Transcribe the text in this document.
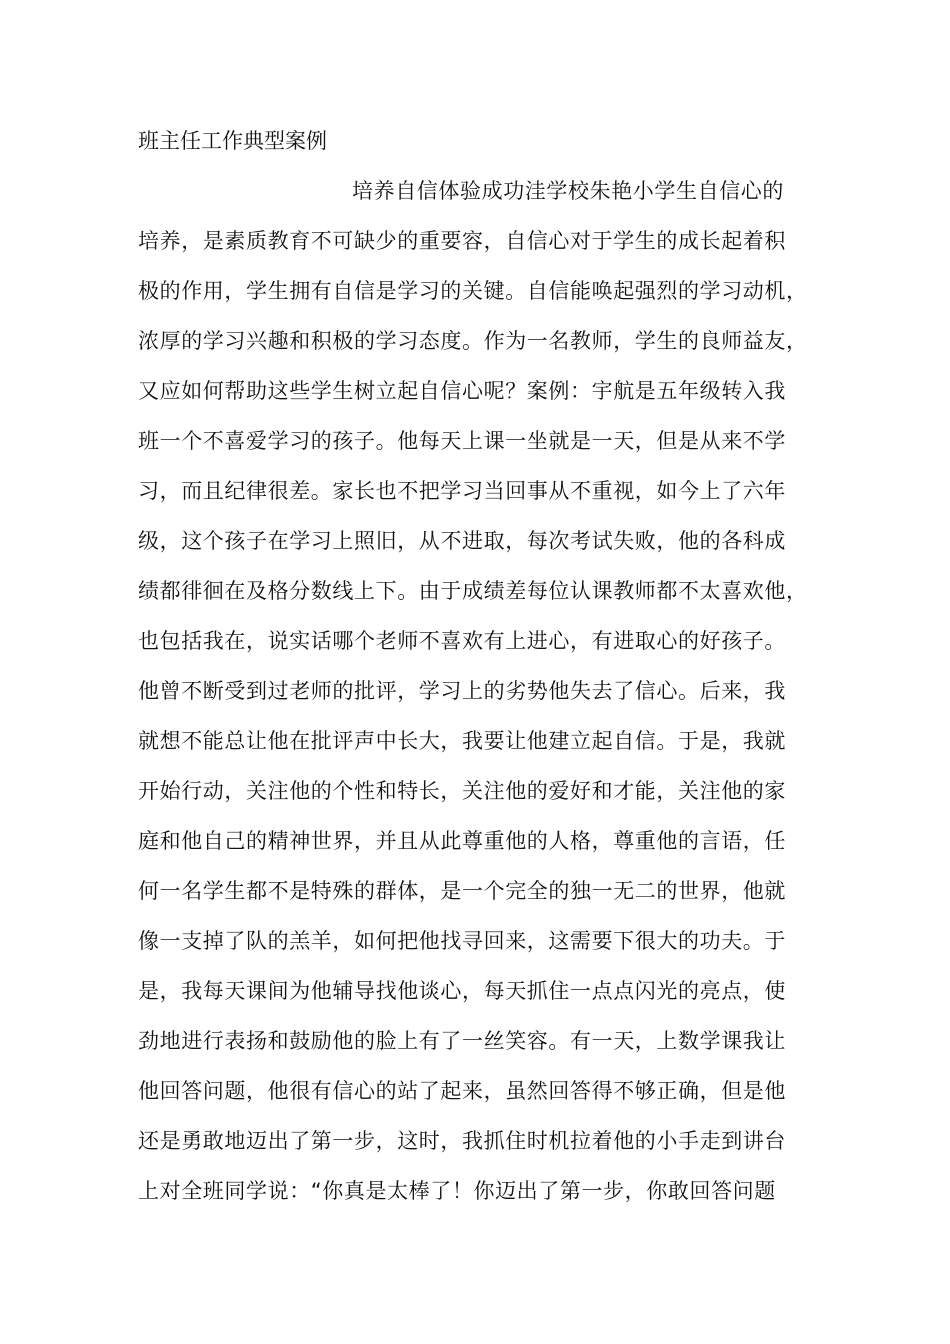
班主任工作典型案例
培养自信体验成功洼学校朱艳小学生自信心的
培养，是素质教育不可缺少的重要容，自信心对于学生的成长起着积
极的作用，学生拥有自信是学习的关键。自信能唤起强烈的学习动机，
浓厚的学习兴趣和积极的学习态度。作为一名教师，学生的良师益友，
又应如何帮助这些学生树立起自信心呢？案例：宇航是五年级转入我
班一个不喜爱学习的孩子。他每天上课一坐就是一天，但是从来不学
习，而且纪律很差。家长也不把学习当回事从不重视，如今上了六年
级，这个孩子在学习上照旧，从不进取，每次考试失败，他的各科成
绩都徘徊在及格分数线上下。由于成绩差每位认课教师都不太喜欢他，
也包括我在，说实话哪个老师不喜欢有上进心，有进取心的好孩子。
他曾不断受到过老师的批评，学习上的劣势他失去了信心。后来，我
就想不能总让他在批评声中长大，我要让他建立起自信。于是，我就
开始行动，关注他的个性和特长，关注他的爱好和才能，关注他的家
庭和他自己的精神世界，并且从此尊重他的人格，尊重他的言语，任
何一名学生都不是特殊的群体，是一个完全的独一无二的世界，他就
像一支掉了队的羔羊，如何把他找寻回来，这需要下很大的功夫。于
是，我每天课间为他辅导找他谈心，每天抓住一点点闪光的亮点，使
劲地进行表扬和鼓励他的脸上有了一丝笑容。有一天，上数学课我让
他回答问题，他很有信心的站了起来，虽然回答得不够正确，但是他
还是勇敢地迈出了第一步，这时，我抓住时机拉着他的小手走到讲台
上对全班同学说：“你真是太棒了！你迈出了第一步，你敢回答问题
